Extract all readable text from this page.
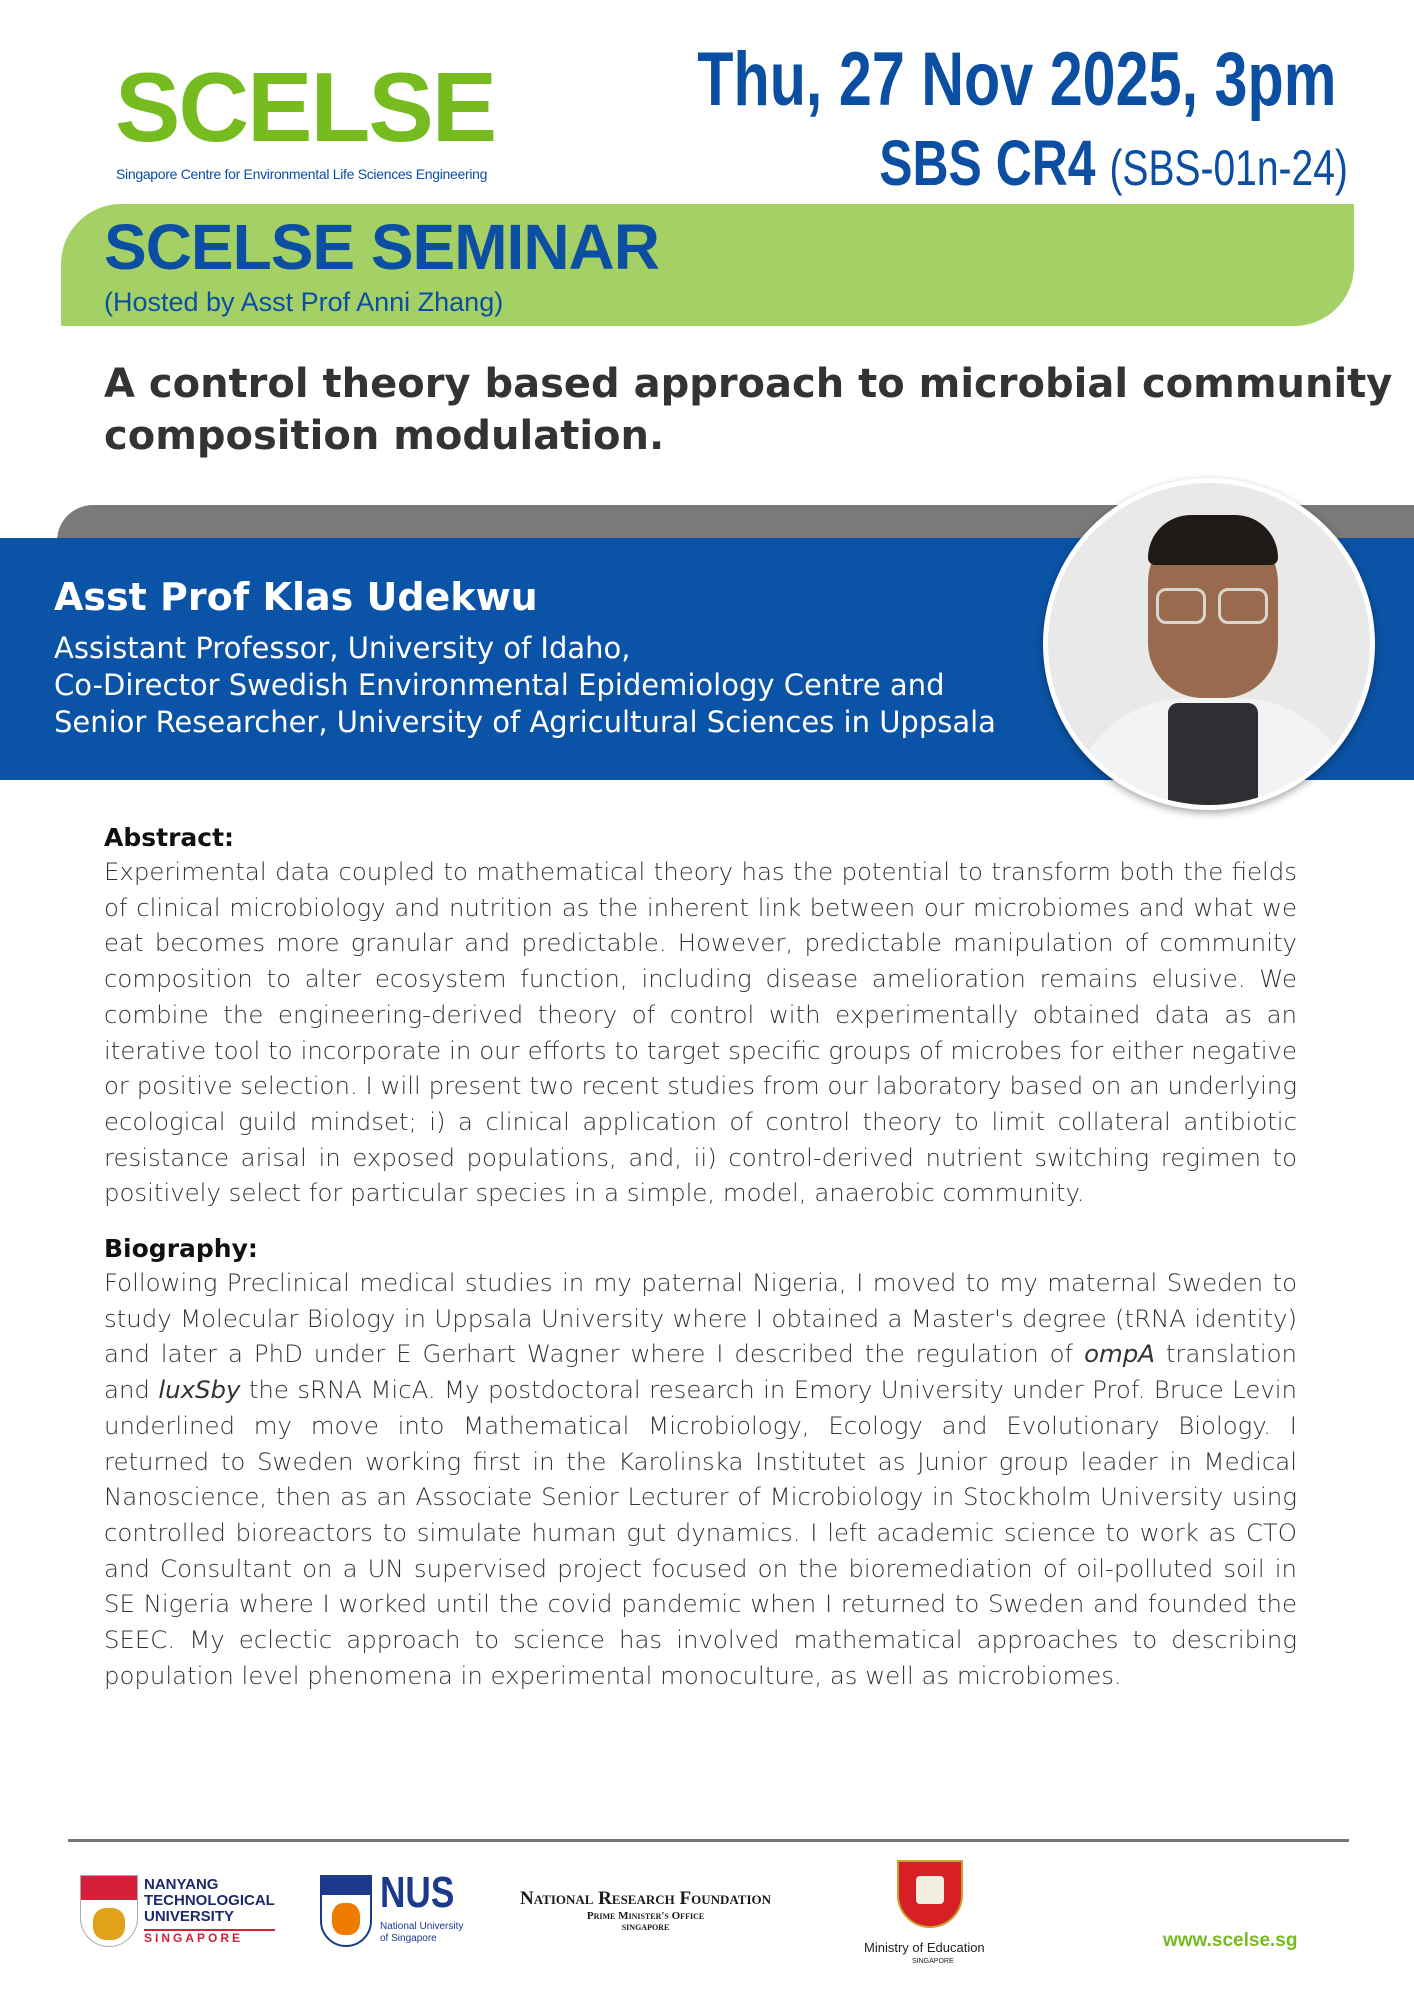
SCELSE
Singapore Centre for Environmental Life Sciences Engineering
Thu, 27 Nov 2025, 3pm
SBS CR4 (SBS-01n-24)
SCELSE SEMINAR
(Hosted by Asst Prof Anni Zhang)
A control theory based approach to microbial community composition modulation.
Asst Prof Klas Udekwu
Assistant Professor, University of Idaho,
Co-Director Swedish Environmental Epidemiology Centre and
Senior Researcher, University of Agricultural Sciences in Uppsala
Abstract:
Experimental data coupled to mathematical theory has the potential to transform both the fields of clinical microbiology and nutrition as the inherent link between our microbiomes and what we eat becomes more granular and predictable. However, predictable manipulation of community composition to alter ecosystem function, including disease amelioration remains elusive. We combine the engineering-derived theory of control with experimentally obtained data as an iterative tool to incorporate in our efforts to target specific groups of microbes for either negative or positive selection. I will present two recent studies from our laboratory based on an underlying ecological guild mindset; i) a clinical application of control theory to limit collateral antibiotic resistance arisal in exposed populations, and, ii) control-derived nutrient switching regimen to positively select for particular species in a simple, model, anaerobic community.
Biography:
Following Preclinical medical studies in my paternal Nigeria, I moved to my maternal Sweden to study Molecular Biology in Uppsala University where I obtained a Master's degree (tRNA identity) and later a PhD under E Gerhart Wagner where I described the regulation of ompA translation and luxSby the sRNA MicA. My postdoctoral research in Emory University under Prof. Bruce Levin underlined my move into Mathematical Microbiology, Ecology and Evolutionary Biology. I returned to Sweden working first in the Karolinska Institutet as Junior group leader in Medical Nanoscience, then as an Associate Senior Lecturer of Microbiology in Stockholm University using controlled bioreactors to simulate human gut dynamics. I left academic science to work as CTO and Consultant on a UN supervised project focused on the bioremediation of oil-polluted soil in SE Nigeria where I worked until the covid pandemic when I returned to Sweden and founded the SEEC. My eclectic approach to science has involved mathematical approaches to describing population level phenomena in experimental monoculture, as well as microbiomes.
NANYANG
TECHNOLOGICAL
UNIVERSITY
SINGAPORE
NUS
National University
of Singapore
National Research Foundation
Prime Minister's Office
SINGAPORE
Ministry of Education
SINGAPORE
www.scelse.sg
